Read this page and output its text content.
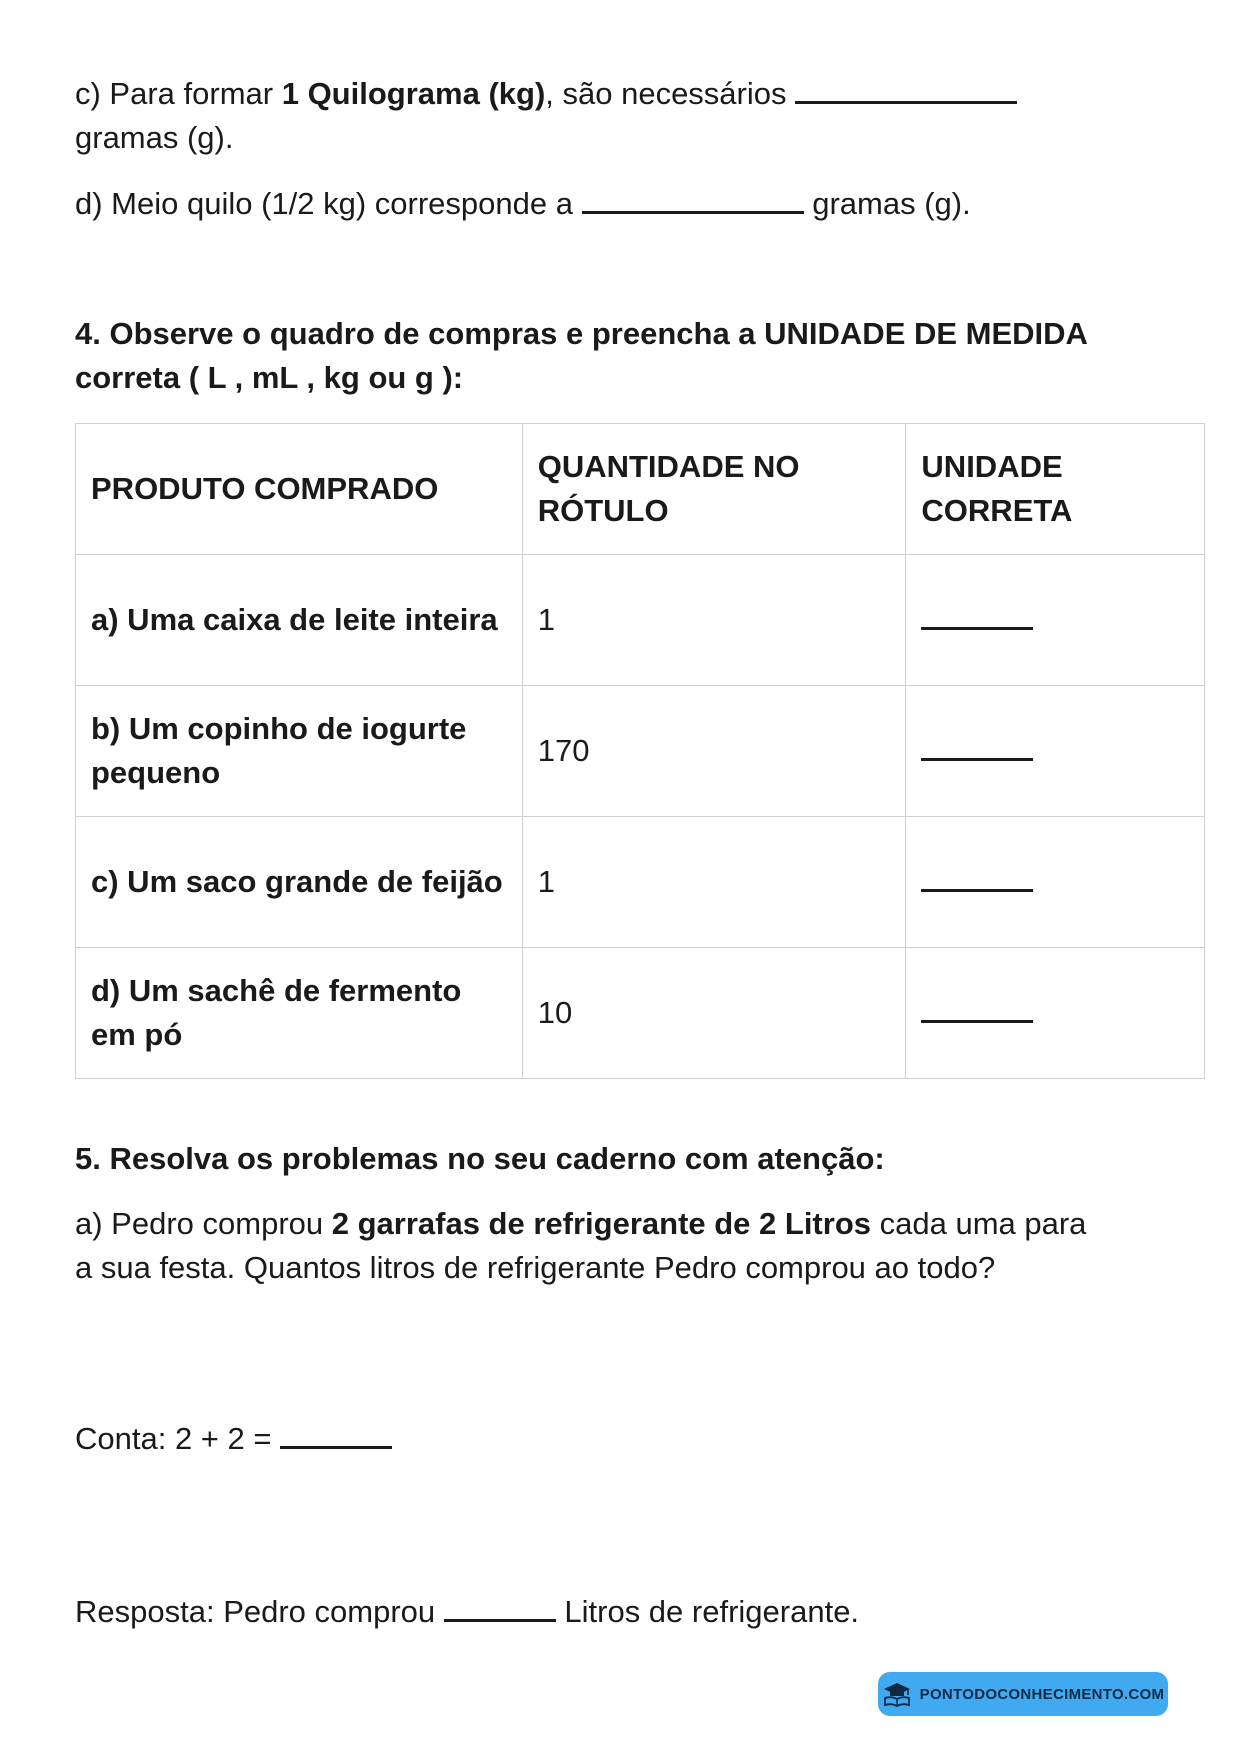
c) Para formar 1 Quilograma (kg), são necessários
gramas (g).

d) Meio quilo (1/2 kg) corresponde a	gramas (g).

4. Observe o quadro de compras e preencha a UNIDADE DE MEDIDA
correta ( L , mL , kg ou g ):

PRODUTO COMPRADO	QUANTIDADE NO RÓTULO	UNIDADE CORRETA

a) Uma caixa de leite inteira	1	
b) Um copinho de iogurte pequeno	170	
c) Um saco grande de feijão	1	
d) Um sachê de fermento em pó	10	

5. Resolva os problemas no seu caderno com atenção:

a) Pedro comprou 2 garrafas de refrigerante de 2 Litros cada uma para
a sua festa. Quantos litros de refrigerante Pedro comprou ao todo?

Conta: 2 + 2 =

Resposta: Pedro comprou	Litros de refrigerante.

PONTODOCONHECIMENTO.COM
